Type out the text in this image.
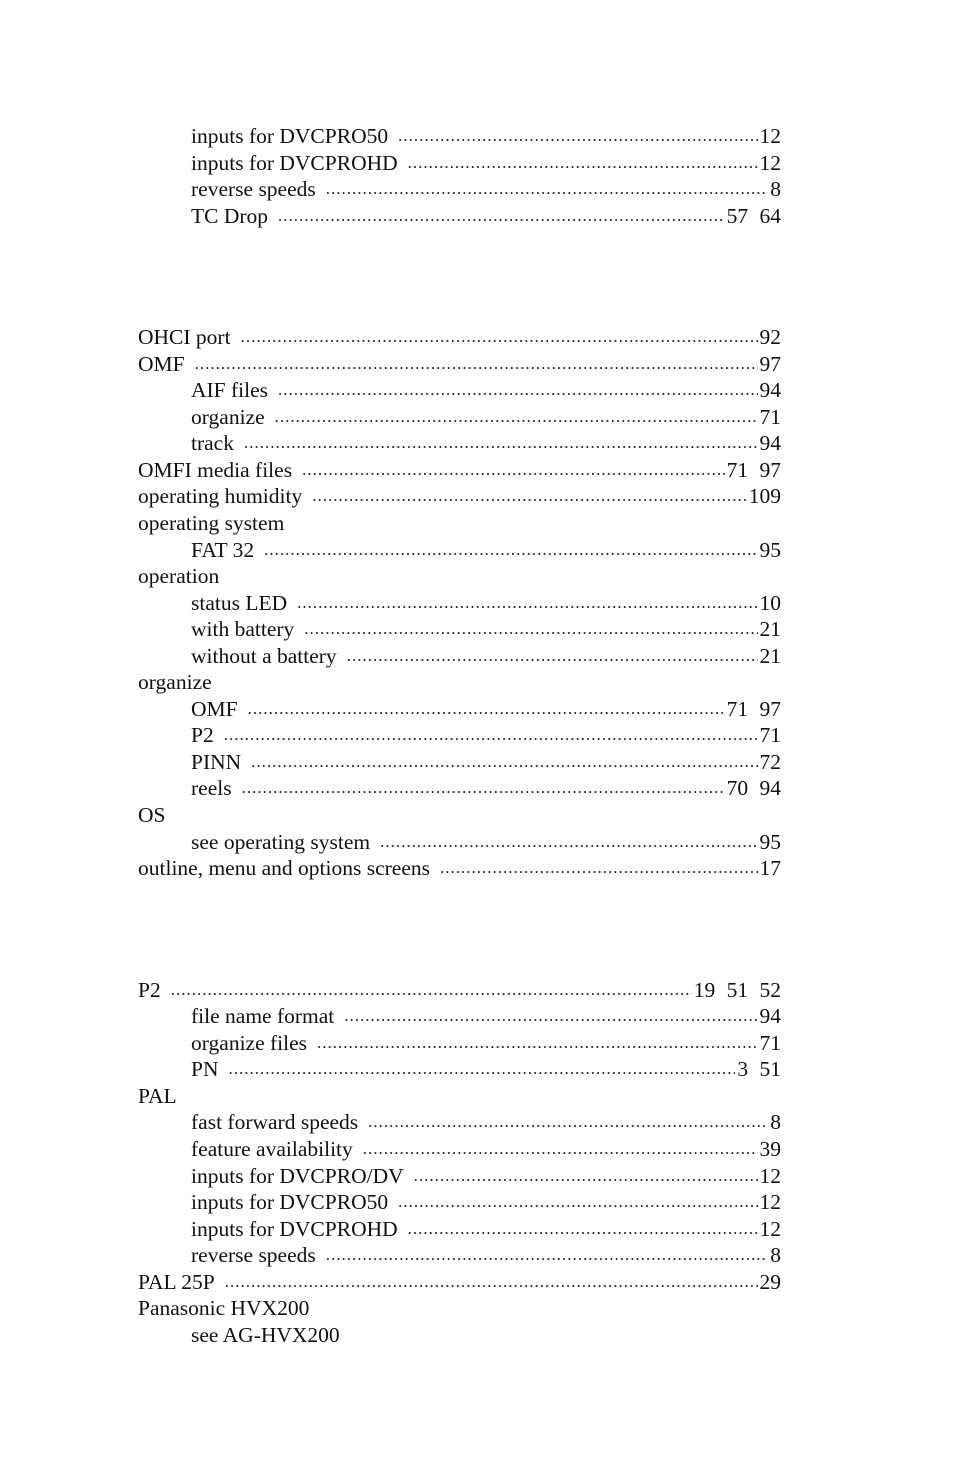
inputs for DVCPRO50 .....	12
inputs for DVCPROHD .....	12
reverse speeds .....	8
TC Drop .....	57 64
OHCI port .....	92
OMF .....	97
AIF files .....	94
organize .....	71
track .....	94
OMFI media files .....	71 97
operating humidity .....	109
operating system
FAT 32 .....	95
operation
status LED .....	10
with battery .....	21
without a battery .....	21
organize
OMF .....	71 97
P2 .....	71
PINN .....	72
reels .....	70 94
OS
see operating system .....	95
outline, menu and options screens .....	17
P2 .....	19 51 52
file name format .....	94
organize files .....	71
PN .....	3 51
PAL
fast forward speeds .....	8
feature availability .....	39
inputs for DVCPRO/DV .....	12
inputs for DVCPRO50 .....	12
inputs for DVCPROHD .....	12
reverse speeds .....	8
PAL 25P .....	29
Panasonic HVX200
see AG-HVX200
